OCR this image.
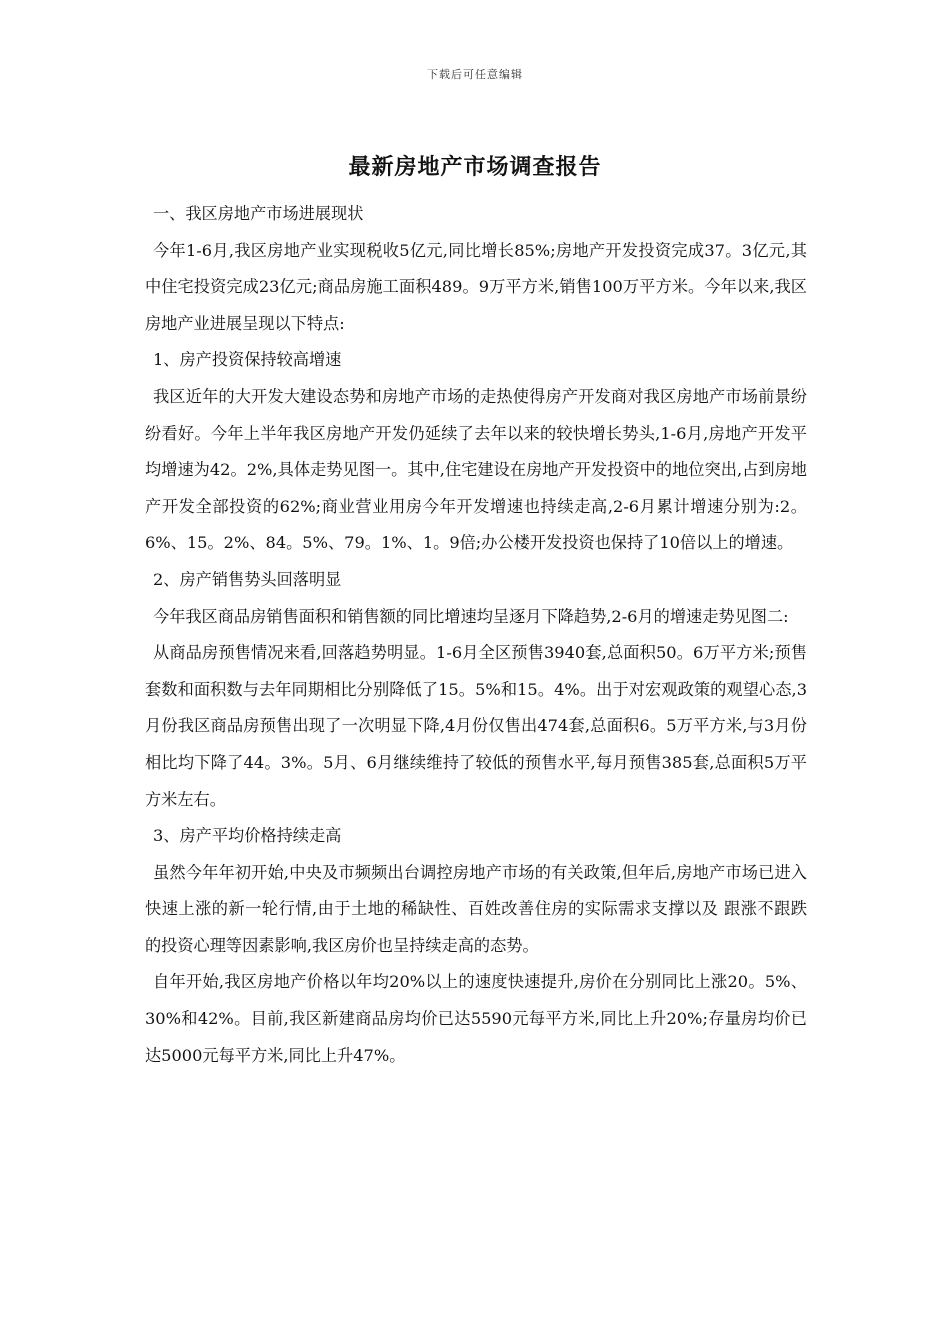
下载后可任意编辑
最新房地产市场调查报告

一、我区房地产市场进展现状

今年1-6月,我区房地产业实现税收5亿元,同比增长85%;房地产开发投资完成37。3亿元,其中住宅投资完成23亿元;商品房施工面积489。9万平方米,销售100万平方米。今年以来,我区房地产业进展呈现以下特点:

1、房产投资保持较高增速

我区近年的大开发大建设态势和房地产市场的走热使得房产开发商对我区房地产市场前景纷纷看好。今年上半年我区房地产开发仍延续了去年以来的较快增长势头,1-6月,房地产开发平均增速为42。2%,具体走势见图一。其中,住宅建设在房地产开发投资中的地位突出,占到房地产开发全部投资的62%;商业营业用房今年开发增速也持续走高,2-6月累计增速分别为:2。6%、15。2%、84。5%、79。1%、1。9倍;办公楼开发投资也保持了10倍以上的增速。

2、房产销售势头回落明显

今年我区商品房销售面积和销售额的同比增速均呈逐月下降趋势,2-6月的增速走势见图二:

从商品房预售情况来看,回落趋势明显。1-6月全区预售3940套,总面积50。6万平方米;预售套数和面积数与去年同期相比分别降低了15。5%和15。4%。出于对宏观政策的观望心态,3月份我区商品房预售出现了一次明显下降,4月份仅售出474套,总面积6。5万平方米,与3月份相比均下降了44。3%。5月、6月继续维持了较低的预售水平,每月预售385套,总面积5万平方米左右。

3、房产平均价格持续走高

虽然今年年初开始,中央及市频频出台调控房地产市场的有关政策,但年后,房地产市场已进入快速上涨的新一轮行情,由于土地的稀缺性、百姓改善住房的实际需求支撑以及 跟涨不跟跌 的投资心理等因素影响,我区房价也呈持续走高的态势。

自年开始,我区房地产价格以年均20%以上的速度快速提升,房价在分别同比上涨20。5%、30%和42%。目前,我区新建商品房均价已达5590元每平方米,同比上升20%;存量房均价已达5000元每平方米,同比上升47%。
